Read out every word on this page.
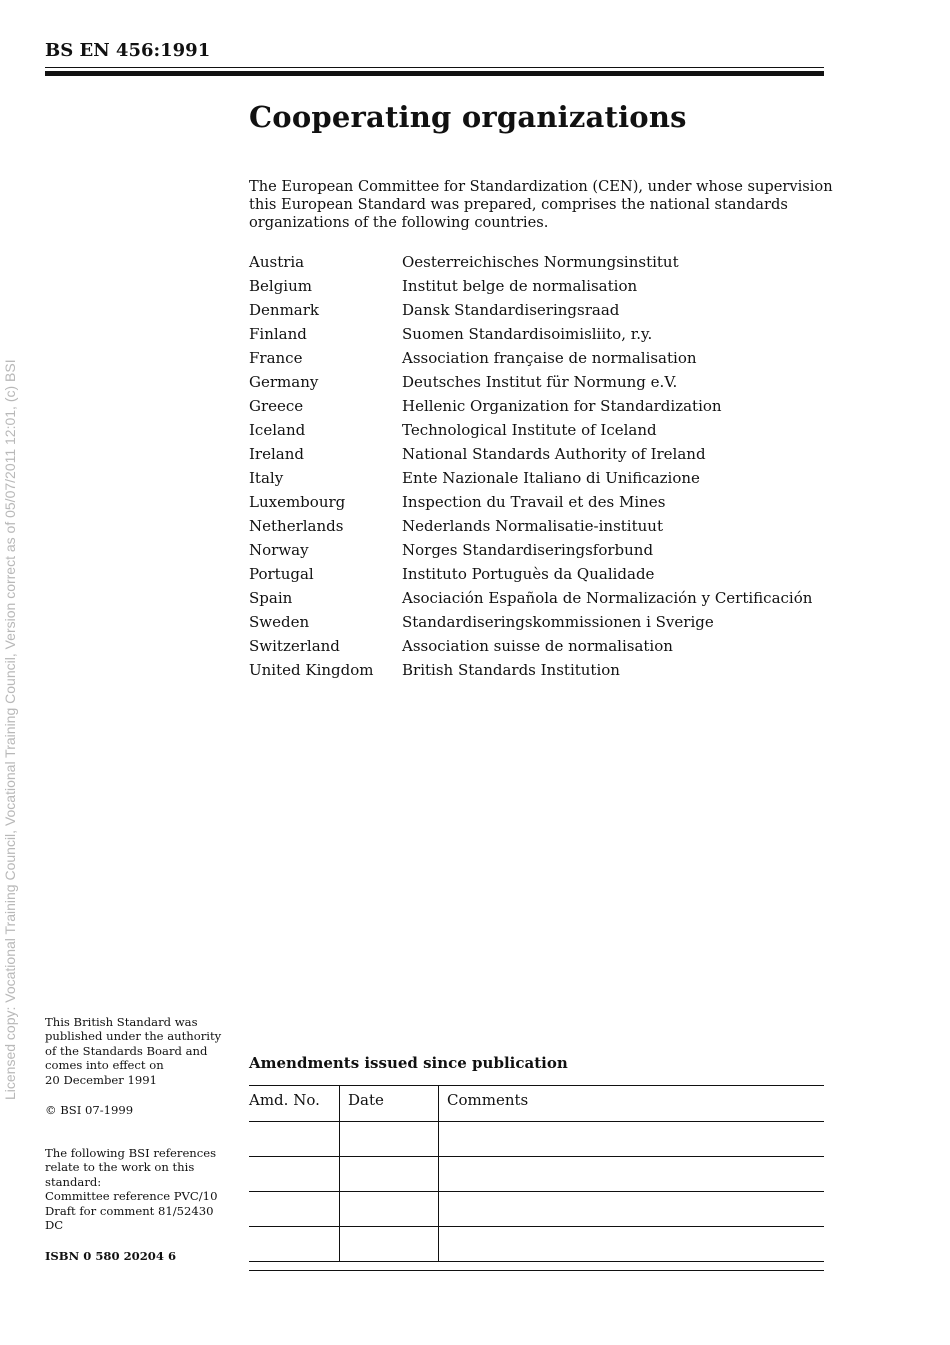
Licensed copy: Vocational Training Council, Vocational Training Council, Version correct as of 05/07/2011 12:01, (c) BSI
BS EN 456:1991
Cooperating organizations

The European Committee for Standardization (CEN), under whose supervision this European Standard was prepared, comprises the national standards organizations of the following countries.

Austria	Oesterreichisches Normungsinstitut
Belgium	Institut belge de normalisation
Denmark	Dansk Standardiseringsraad
Finland	Suomen Standardisoimisliito, r.y.
France	Association française de normalisation
Germany	Deutsches Institut für Normung e.V.
Greece	Hellenic Organization for Standardization
Iceland	Technological Institute of Iceland
Ireland	National Standards Authority of Ireland
Italy	Ente Nazionale Italiano di Unificazione
Luxembourg	Inspection du Travail et des Mines
Netherlands	Nederlands Normalisatie-instituut
Norway	Norges Standardiseringsforbund
Portugal	Instituto Portuguès da Qualidade
Spain	Asociación Española de Normalización y Certificación
Sweden	Standardiseringskommissionen i Sverige
Switzerland	Association suisse de normalisation
United Kingdom	British Standards Institution

This British Standard was
published under the authority
of the Standards Board and
comes into effect on
20 December 1991

© BSI 07-1999

The following BSI references
relate to the work on this
standard:
Committee reference PVC/10
Draft for comment 81/52430 DC

ISBN 0 580 20204 6

Amendments issued since publication
Amd. No.	Date	Comments
